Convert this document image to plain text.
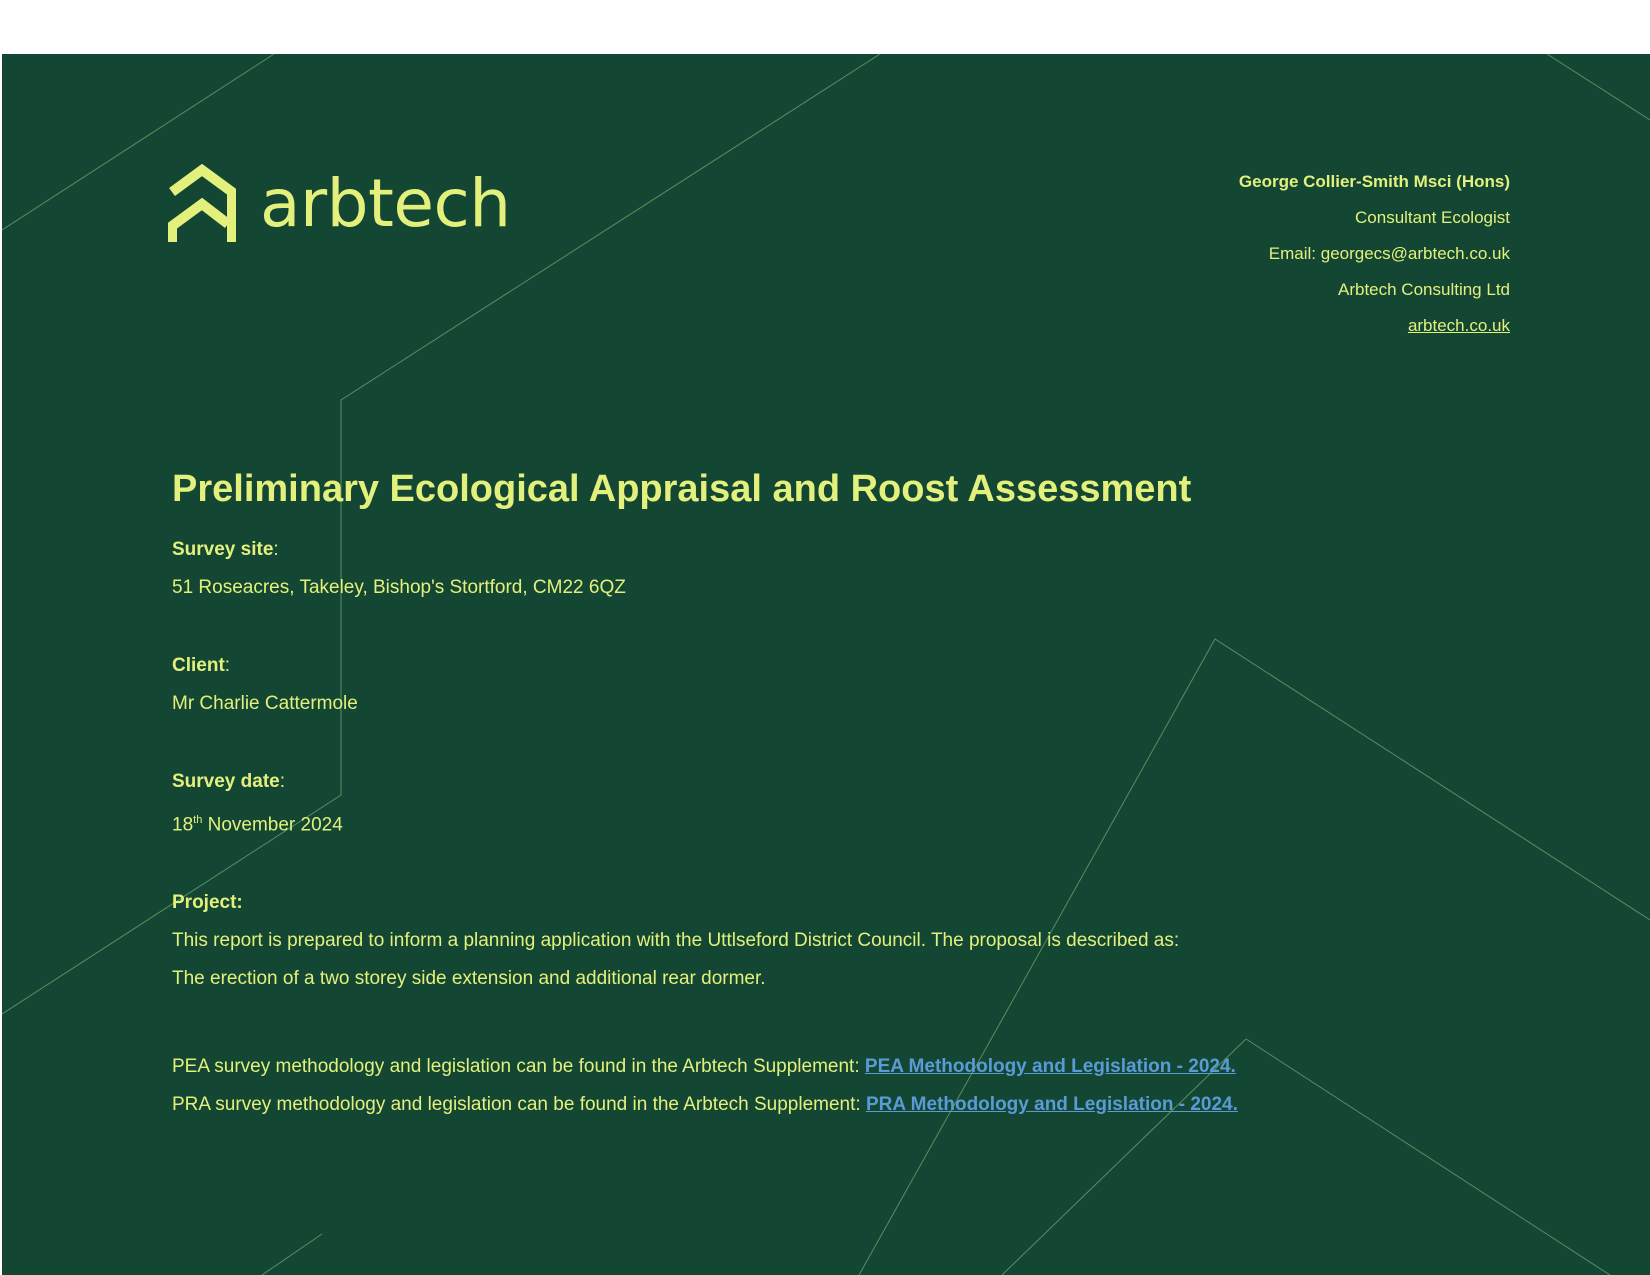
arbtech	George Collier-Smith Msci (Hons)
Consultant Ecologist
Email: georgecs@arbtech.co.uk
Arbtech Consulting Ltd
arbtech.co.uk
Preliminary Ecological Appraisal and Roost Assessment
Survey site:
51 Roseacres, Takeley, Bishop's Stortford, CM22 6QZ
Client:
Mr Charlie Cattermole
Survey date:
18th November 2024
Project:
This report is prepared to inform a planning application with the Uttlseford District Council. The proposal is described as:
The erection of a two storey side extension and additional rear dormer.
PEA survey methodology and legislation can be found in the Arbtech Supplement: PEA Methodology and Legislation - 2024.
PRA survey methodology and legislation can be found in the Arbtech Supplement: PRA Methodology and Legislation - 2024.
